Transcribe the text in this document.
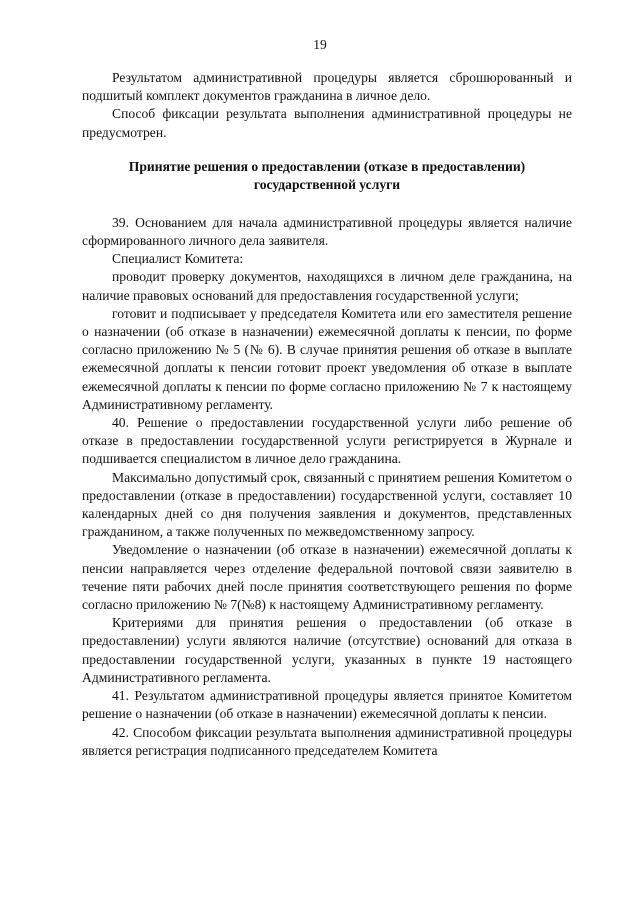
19

Результатом административной процедуры является сброшюрованный и подшитый комплект документов гражданина в личное дело.

Способ фиксации результата выполнения административной процедуры не предусмотрен.

Принятие решения о предоставлении (отказе в предоставлении)
государственной услуги

39. Основанием для начала административной процедуры является наличие сформированного личного дела заявителя.

Специалист Комитета:

проводит проверку документов, находящихся в личном деле гражданина, на наличие правовых оснований для предоставления государственной услуги;

готовит и подписывает у председателя Комитета или его заместителя решение о назначении (об отказе в назначении) ежемесячной доплаты к пенсии, по форме согласно приложению № 5 (№ 6). В случае принятия решения об отказе в выплате ежемесячной доплаты к пенсии готовит проект уведомления об отказе в выплате ежемесячной доплаты к пенсии по форме согласно приложению № 7 к настоящему Административному регламенту.

40. Решение о предоставлении государственной услуги либо решение об отказе в предоставлении государственной услуги регистрируется в Журнале и подшивается специалистом в личное дело гражданина.

Максимально допустимый срок, связанный с принятием решения Комитетом о предоставлении (отказе в предоставлении) государственной услуги, составляет 10 календарных дней со дня получения заявления и документов, представленных гражданином, а также полученных по межведомственному запросу.

Уведомление о назначении (об отказе в назначении) ежемесячной доплаты к пенсии направляется через отделение федеральной почтовой связи заявителю в течение пяти рабочих дней после принятия соответствующего решения по форме согласно приложению № 7(№8) к настоящему Административному регламенту.

Критериями для принятия решения о предоставлении (об отказе в предоставлении) услуги являются наличие (отсутствие) оснований для отказа в предоставлении государственной услуги, указанных в пункте 19 настоящего Административного регламента.

41. Результатом административной процедуры является принятое Комитетом решение о назначении (об отказе в назначении) ежемесячной доплаты к пенсии.

42. Способом фиксации результата выполнения административной процедуры является регистрация подписанного председателем Комитета
